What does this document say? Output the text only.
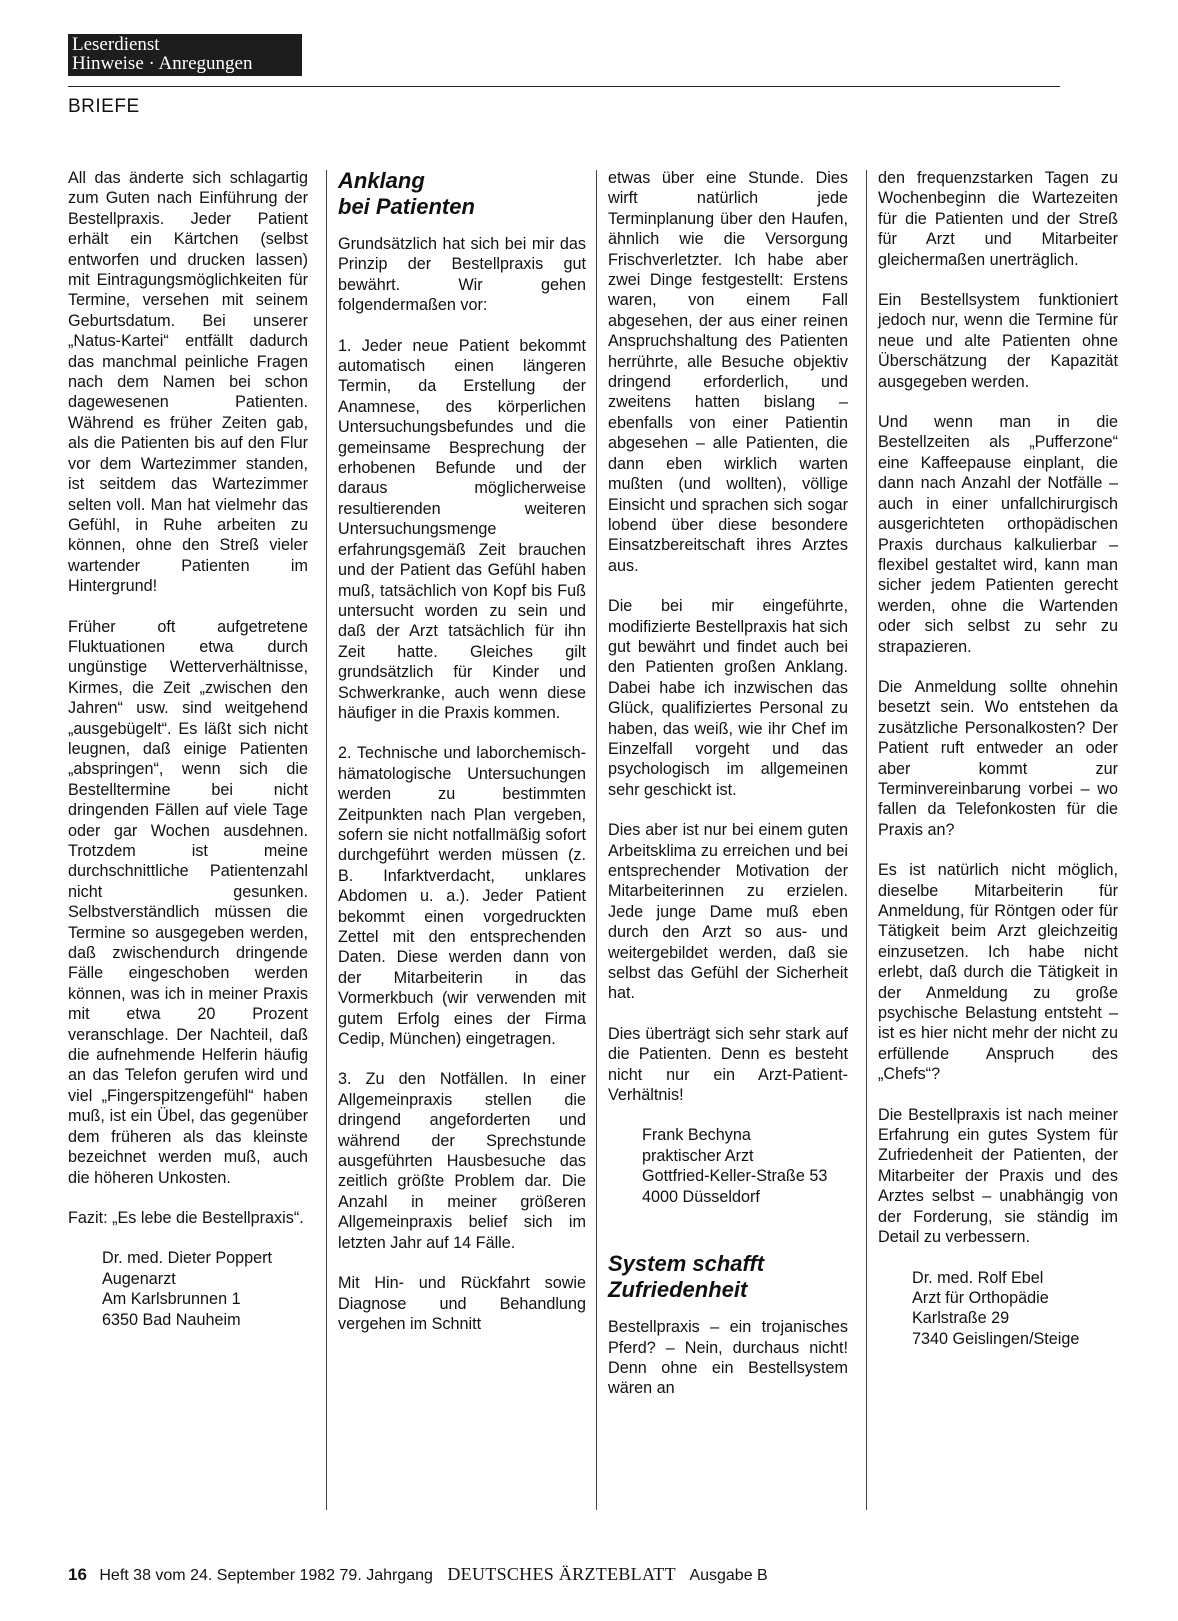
Leserdienst
Hinweise · Anregungen
BRIEFE

All das änderte sich schlagartig zum Guten nach Einführung der Bestellpraxis. Jeder Patient erhält ein Kärtchen (selbst entworfen und drucken lassen) mit Eintragungsmöglichkeiten für Termine, versehen mit seinem Geburtsdatum. Bei unserer „Natus-Kartei“ entfällt dadurch das manchmal peinliche Fragen nach dem Namen bei schon dagewesenen Patienten. Während es früher Zeiten gab, als die Patienten bis auf den Flur vor dem Wartezimmer standen, ist seitdem das Wartezimmer selten voll. Man hat vielmehr das Gefühl, in Ruhe arbeiten zu können, ohne den Streß vieler wartender Patienten im Hintergrund!

Früher oft aufgetretene Fluktuationen etwa durch ungünstige Wetterverhältnisse, Kirmes, die Zeit „zwischen den Jahren“ usw. sind weitgehend „ausgebügelt“. Es läßt sich nicht leugnen, daß einige Patienten „abspringen“, wenn sich die Bestelltermine bei nicht dringenden Fällen auf viele Tage oder gar Wochen ausdehnen. Trotzdem ist meine durchschnittliche Patientenzahl nicht gesunken. Selbstverständlich müssen die Termine so ausgegeben werden, daß zwischendurch dringende Fälle eingeschoben werden können, was ich in meiner Praxis mit etwa 20 Prozent veranschlage. Der Nachteil, daß die aufnehmende Helferin häufig an das Telefon gerufen wird und viel „Fingerspitzengefühl“ haben muß, ist ein Übel, das gegenüber dem früheren als das kleinste bezeichnet werden muß, auch die höheren Unkosten.

Fazit: „Es lebe die Bestellpraxis“.

Dr. med. Dieter Poppert
Augenarzt
Am Karlsbrunnen 1
6350 Bad Nauheim
Anklang
bei Patienten

Grundsätzlich hat sich bei mir das Prinzip der Bestellpraxis gut bewährt. Wir gehen folgendermaßen vor:

1. Jeder neue Patient bekommt automatisch einen längeren Termin, da Erstellung der Anamnese, des körperlichen Untersuchungsbefundes und die gemeinsame Besprechung der erhobenen Befunde und der daraus möglicherweise resultierenden weiteren Untersuchungsmenge erfahrungsgemäß Zeit brauchen und der Patient das Gefühl haben muß, tatsächlich von Kopf bis Fuß untersucht worden zu sein und daß der Arzt tatsächlich für ihn Zeit hatte. Gleiches gilt grundsätzlich für Kinder und Schwerkranke, auch wenn diese häufiger in die Praxis kommen.

2. Technische und laborchemisch-hämatologische Untersuchungen werden zu bestimmten Zeitpunkten nach Plan vergeben, sofern sie nicht notfallmäßig sofort durchgeführt werden müssen (z. B. Infarktverdacht, unklares Abdomen u. a.). Jeder Patient bekommt einen vorgedruckten Zettel mit den entsprechenden Daten. Diese werden dann von der Mitarbeiterin in das Vormerkbuch (wir verwenden mit gutem Erfolg eines der Firma Cedip, München) eingetragen.

3. Zu den Notfällen. In einer Allgemeinpraxis stellen die dringend angeforderten und während der Sprechstunde ausgeführten Hausbesuche das zeitlich größte Problem dar. Die Anzahl in meiner größeren Allgemeinpraxis belief sich im letzten Jahr auf 14 Fälle.

Mit Hin- und Rückfahrt sowie Diagnose und Behandlung vergehen im Schnitt

etwas über eine Stunde. Dies wirft natürlich jede Terminplanung über den Haufen, ähnlich wie die Versorgung Frischverletzter. Ich habe aber zwei Dinge festgestellt: Erstens waren, von einem Fall abgesehen, der aus einer reinen Anspruchshaltung des Patienten herrührte, alle Besuche objektiv dringend erforderlich, und zweitens hatten bislang – ebenfalls von einer Patientin abgesehen – alle Patienten, die dann eben wirklich warten mußten (und wollten), völlige Einsicht und sprachen sich sogar lobend über diese besondere Einsatzbereitschaft ihres Arztes aus.

Die bei mir eingeführte, modifizierte Bestellpraxis hat sich gut bewährt und findet auch bei den Patienten großen Anklang. Dabei habe ich inzwischen das Glück, qualifiziertes Personal zu haben, das weiß, wie ihr Chef im Einzelfall vorgeht und das psychologisch im allgemeinen sehr geschickt ist.

Dies aber ist nur bei einem guten Arbeitsklima zu erreichen und bei entsprechender Motivation der Mitarbeiterinnen zu erzielen. Jede junge Dame muß eben durch den Arzt so aus- und weitergebildet werden, daß sie selbst das Gefühl der Sicherheit hat.

Dies überträgt sich sehr stark auf die Patienten. Denn es besteht nicht nur ein Arzt-Patient-Verhältnis!

Frank Bechyna
praktischer Arzt
Gottfried-Keller-Straße 53
4000 Düsseldorf
System schafft
Zufriedenheit

Bestellpraxis – ein trojanisches Pferd? – Nein, durchaus nicht! Denn ohne ein Bestellsystem wären an

den frequenzstarken Tagen zu Wochenbeginn die Wartezeiten für die Patienten und der Streß für Arzt und Mitarbeiter gleichermaßen unerträglich.

Ein Bestellsystem funktioniert jedoch nur, wenn die Termine für neue und alte Patienten ohne Überschätzung der Kapazität ausgegeben werden.

Und wenn man in die Bestellzeiten als „Pufferzone“ eine Kaffeepause einplant, die dann nach Anzahl der Notfälle – auch in einer unfallchirurgisch ausgerichteten orthopädischen Praxis durchaus kalkulierbar – flexibel gestaltet wird, kann man sicher jedem Patienten gerecht werden, ohne die Wartenden oder sich selbst zu sehr zu strapazieren.

Die Anmeldung sollte ohnehin besetzt sein. Wo entstehen da zusätzliche Personalkosten? Der Patient ruft entweder an oder aber kommt zur Terminvereinbarung vorbei – wo fallen da Telefonkosten für die Praxis an?

Es ist natürlich nicht möglich, dieselbe Mitarbeiterin für Anmeldung, für Röntgen oder für Tätigkeit beim Arzt gleichzeitig einzusetzen. Ich habe nicht erlebt, daß durch die Tätigkeit in der Anmeldung zu große psychische Belastung entsteht – ist es hier nicht mehr der nicht zu erfüllende Anspruch des „Chefs“?

Die Bestellpraxis ist nach meiner Erfahrung ein gutes System für Zufriedenheit der Patienten, der Mitarbeiter der Praxis und des Arztes selbst – unabhängig von der Forderung, sie ständig im Detail zu verbessern.

Dr. med. Rolf Ebel
Arzt für Orthopädie
Karlstraße 29
7340 Geislingen/Steige
16 Heft 38 vom 24. September 1982 79. Jahrgang DEUTSCHES ÄRZTEBLATT Ausgabe B
